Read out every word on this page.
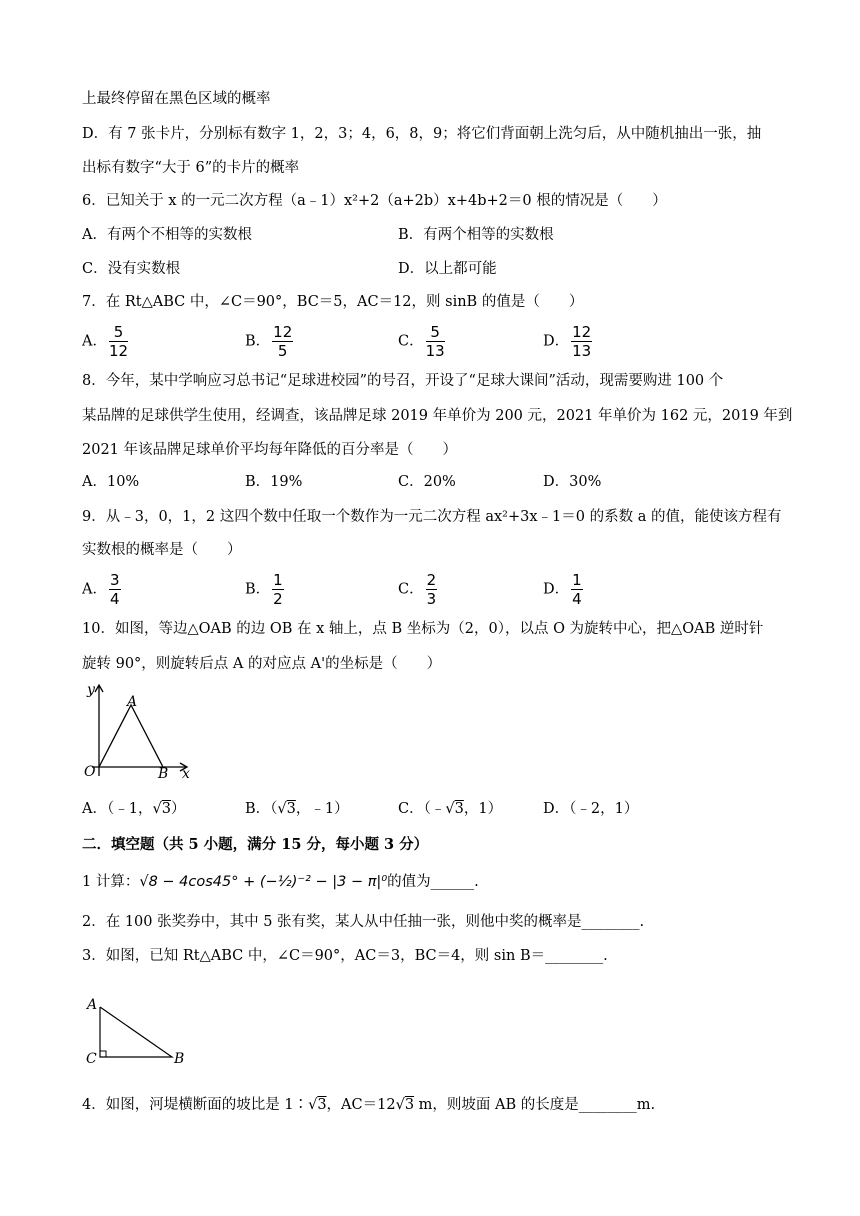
上最终停留在黑色区域的概率
D．有 7 张卡片，分别标有数字 1，2，3；4，6，8，9；将它们背面朝上洗匀后，从中随机抽出一张，抽
出标有数字“大于 6”的卡片的概率
6．已知关于 x 的一元二次方程（a﹣1）x²+2（a+2b）x+4b+2＝0 根的情况是（　　）
A．有两个不相等的实数根	B．有两个相等的实数根
C．没有实数根	D．以上都可能
7．在 Rt△ABC 中，∠C＝90°，BC＝5，AC＝12，则 sinB 的值是（　　）
A． $\frac{5}{12}$	B． $\frac{12}{5}$	C． $\frac{5}{13}$	D． $\frac{12}{13}$
8．今年，某中学响应习总书记“足球进校园”的号召，开设了“足球大课间”活动，现需要购进 100 个
某品牌的足球供学生使用，经调查，该品牌足球 2019 年单价为 200 元，2021 年单价为 162 元，2019 年到
2021 年该品牌足球单价平均每年降低的百分率是（　　）
A．10%	B．19%	C．20%	D．30%
9．从﹣3，0，1，2 这四个数中任取一个数作为一元二次方程 ax²+3x﹣1＝0 的系数 a 的值，能使该方程有
实数根的概率是（　　）
A． $\frac{3}{4}$	B． $\frac{1}{2}$	C． $\frac{2}{3}$	D． $\frac{1}{4}$
10．如图，等边△OAB 的边 OB 在 x 轴上，点 B 坐标为（2，0），以点 O 为旋转中心，把△OAB 逆时针
旋转 90°，则旋转后点 A 的对应点 A'的坐标是（　　）
y
A
O	B x
A．（﹣1，√3）	B．（√3，﹣1）	C．（﹣√3，1）	D．（﹣2，1）
二．填空题（共 5 小题，满分 15 分，每小题 3 分）
1 计算：√8 − 4cos45° + (−½)⁻² − |3 − π|⁰的值为______.
2．在 100 张奖券中，其中 5 张有奖，某人从中任抽一张，则他中奖的概率是________.
3．如图，已知 Rt△ABC 中，∠C＝90°，AC＝3，BC＝4，则 sin B＝________.
A
C	B
4．如图，河堤横断面的坡比是 1∶√3，AC＝12√3 m，则坡面 AB 的长度是________m.
